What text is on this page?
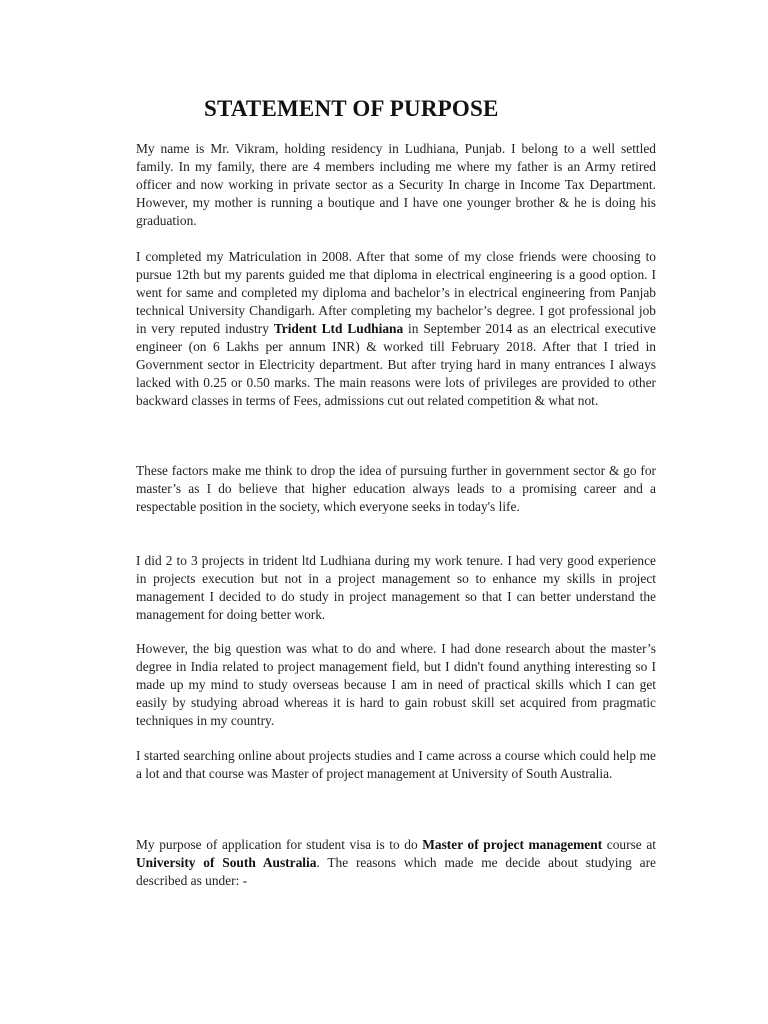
STATEMENT OF PURPOSE

My name is Mr. Vikram, holding residency in Ludhiana, Punjab. I belong to a well settled family. In my family, there are 4 members including me where my father is an Army retired officer and now working in private sector as a Security In charge in Income Tax Department. However, my mother is running a boutique and I have one younger brother & he is doing his graduation.

I completed my Matriculation in 2008. After that some of my close friends were choosing to pursue 12th but my parents guided me that diploma in electrical engineering is a good option. I went for same and completed my diploma and bachelor’s in electrical engineering from Panjab technical University Chandigarh. After completing my bachelor’s degree. I got professional job in very reputed industry Trident Ltd Ludhiana in September 2014 as an electrical executive engineer (on 6 Lakhs per annum INR) & worked till February 2018. After that I tried in Government sector in Electricity department. But after trying hard in many entrances I always lacked with 0.25 or 0.50 marks. The main reasons were lots of privileges are provided to other backward classes in terms of Fees, admissions cut out related competition & what not.

These factors make me think to drop the idea of pursuing further in government sector & go for master’s as I do believe that higher education always leads to a promising career and a respectable position in the society, which everyone seeks in today's life.

I did 2 to 3 projects in trident ltd Ludhiana during my work tenure. I had very good experience in projects execution but not in a project management so to enhance my skills in project management I decided to do study in project management so that I can better understand the management for doing better work.

However, the big question was what to do and where. I had done research about the master’s degree in India related to project management field, but I didn't found anything interesting so I made up my mind to study overseas because I am in need of practical skills which I can get easily by studying abroad whereas it is hard to gain robust skill set acquired from pragmatic techniques in my country.

I started searching online about projects studies and I came across a course which could help me a lot and that course was Master of project management at University of South Australia.

My purpose of application for student visa is to do Master of project management course at University of South Australia. The reasons which made me decide about studying are described as under: -
